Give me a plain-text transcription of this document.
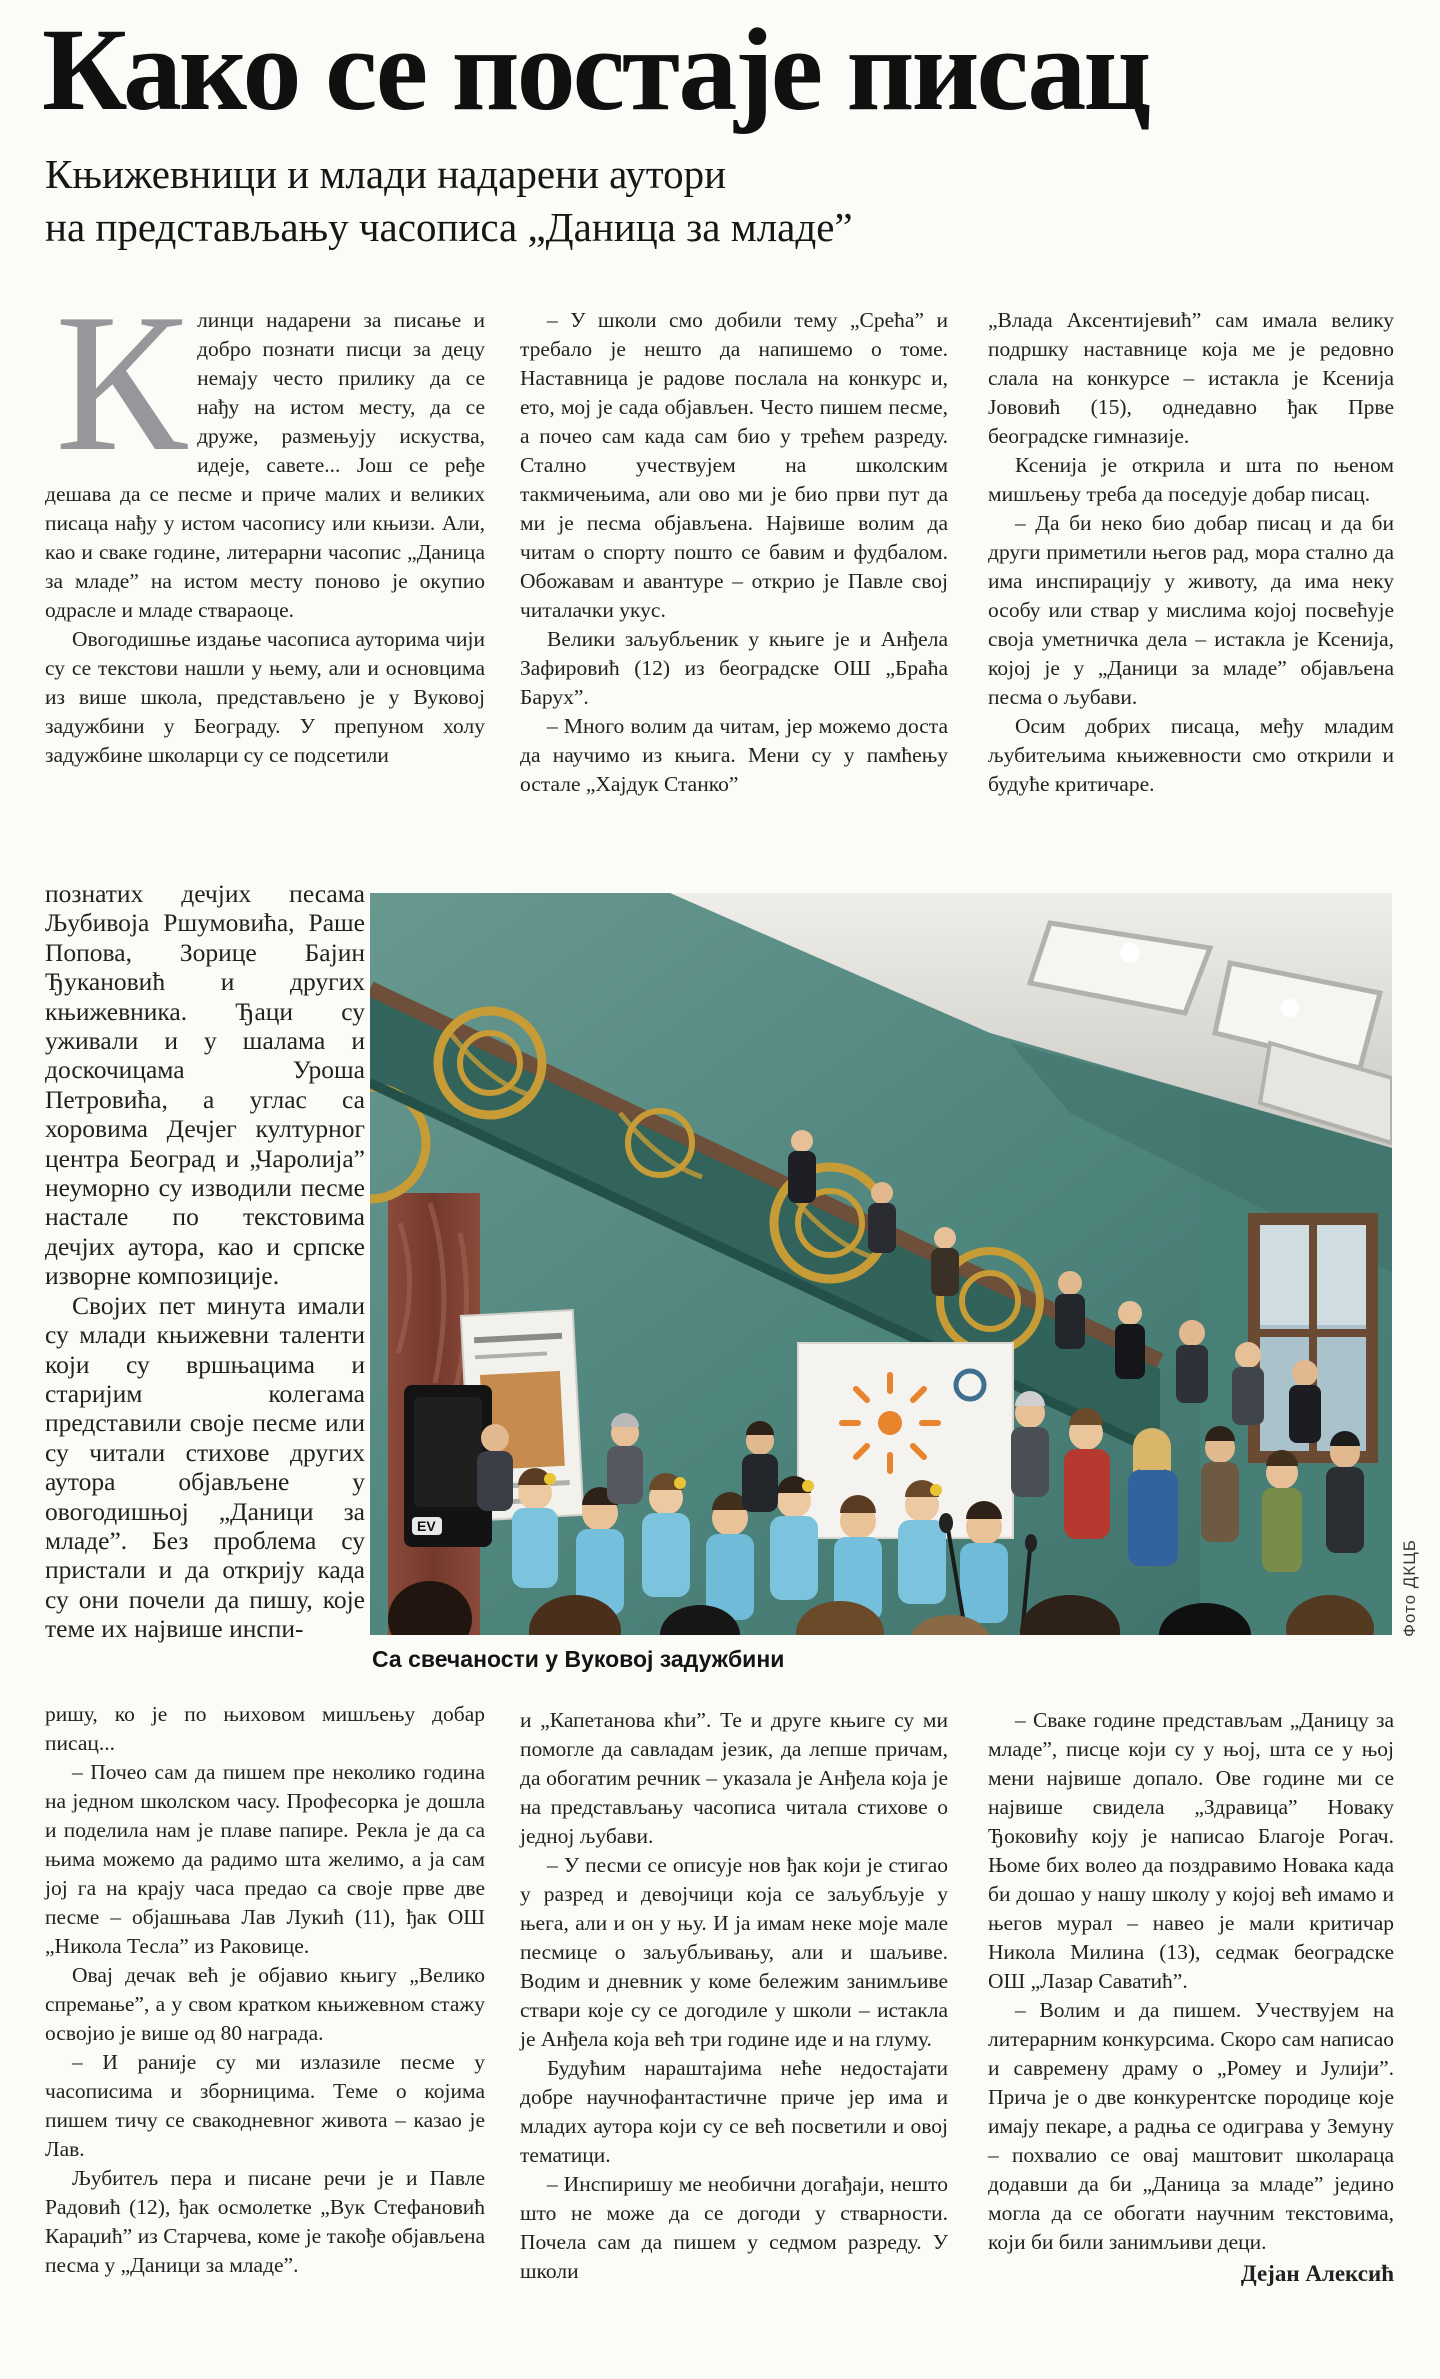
Како се постаје писац
Књижевници и млади надарени аутори
на представљању часописа „Даница за младе”

Клинци надарени за писање и добро познати писци за децу немају често прилику да се нађу на истом месту, да се друже, размењују искуства, идеје, савете... Још се ређе дешава да се песме и приче малих и великих писаца нађу у истом часопису или књизи. Али, као и сваке године, литерарни часопис „Даница за младе” на истом месту поново је окупио одрасле и младе ствараоце.

Овогодишње издање часописа ауторима чији су се текстови нашли у њему, али и основцима из више школа, представљено је у Вуковој задужбини у Београду. У препуном холу задужбине школарци су се подсетили

– У школи смо добили тему „Срећа” и требало је нешто да напишемо о томе. Наставница је радове послала на конкурс и, ето, мој је сада објављен. Често пишем песме, а почео сам када сам био у трећем разреду. Стално учествујем на школским такмичењима, али ово ми је био први пут да ми је песма објављена. Највише волим да читам о спорту пошто се бавим и фудбалом. Обожавам и авантуре – открио је Павле свој читалачки укус.

Велики заљубљеник у књиге је и Анђела Зафировић (12) из београдске ОШ „Браћа Барух”.

– Много волим да читам, јер можемо доста да научимо из књига. Мени су у памћењу остале „Хајдук Станко”

„Влада Аксентијевић” сам имала велику подршку наставнице која ме је редовно слала на конкурсе – истакла је Ксенија Јововић (15), однедавно ђак Прве београдске гимназије.

Ксенија је открила и шта по њеном мишљењу треба да поседује добар писац.

– Да би неко био добар писац и да би други приметили његов рад, мора стално да има инспирацију у животу, да има неку особу или ствар у мислима којој посвећује своја уметничка дела – истакла је Ксенија, којој је у „Даници за младе” објављена песма о љубави.

Осим добрих писаца, међу младим љубитељима књижевности смо открили и будуће критичаре.

познатих дечјих песама Љубивоја Ршумовића, Раше Попова, Зорице Бајин Ђукановић и других књижевника. Ђаци су уживали и у шалама и доскочицама Уроша Петровића, а углас са хоровима Дечјег културног центра Београд и „Чаролија” неуморно су изводили песме настале по текстовима дечјих аутора, као и српске изворне композиције.

Својих пет минута имали су млади књижевни таленти који су вршњацима и старијим колегама представили своје песме или су читали стихове других аутора објављене у овогодишњој „Даници за младе”. Без проблема су пристали и да открију када су они почели да пишу, које теме их највише инспи-

EV
Фото ДКЦБ
Са свечаности у Вуковој задужбини

ришу, ко је по њиховом мишљењу добар писац...

– Почео сам да пишем пре неколико година на једном школском часу. Професорка је дошла и поделила нам је плаве папире. Рекла је да са њима можемо да радимо шта желимо, а ја сам јој га на крају часа предао са своје прве две песме – објашњава Лав Лукић (11), ђак ОШ „Никола Тесла” из Раковице.

Овај дечак већ је објавио књигу „Велико спремање”, а у свом кратком књижевном стажу освојио је више од 80 награда.

– И раније су ми излазиле песме у часописима и зборницима. Теме о којима пишем тичу се свакодневног живота – казао је Лав.

Љубитељ пера и писане речи је и Павле Радовић (12), ђак осмолетке „Вук Стефановић Караџић” из Старчева, коме је такође објављена песма у „Даници за младе”.

и „Капетанова кћи”. Те и друге књиге су ми помогле да савладам језик, да лепше причам, да обогатим речник – указала је Анђела која је на представљању часописа читала стихове о једној љубави.

– У песми се описује нов ђак који је стигао у разред и девојчици која се заљубљује у њега, али и он у њу. И ја имам неке моје мале песмице о заљубљивању, али и шаљиве. Водим и дневник у коме бележим занимљиве ствари које су се догодиле у школи – истакла је Анђела која већ три године иде и на глуму.

Будућим нараштајима неће недостајати добре научнофантастичне приче јер има и младих аутора који су се већ посветили и овој тематици.

– Инспиришу ме необични догађаји, нешто што не може да се догоди у стварности. Почела сам да пишем у седмом разреду. У школи

– Сваке године представљам „Даницу за младе”, писце који су у њој, шта се у њој мени највише допало. Ове године ми се највише свидела „Здравица” Новаку Ђоковићу коју је написао Благоје Рогач. Њоме бих волео да поздравимо Новака када би дошао у нашу школу у којој већ имамо и његов мурал – навео је мали критичар Никола Милина (13), седмак београдске ОШ „Лазар Саватић”.

– Волим и да пишем. Учествујем на литерарним конкурсима. Скоро сам написао и савремену драму о „Ромеу и Јулији”. Прича је о две конкурентске породице које имају пекаре, а радња се одиграва у Земуну – похвалио се овај маштовит школараца додавши да би „Даница за младе” једино могла да се обогати научним текстовима, који би били занимљиви деци.

Дејан Алексић
